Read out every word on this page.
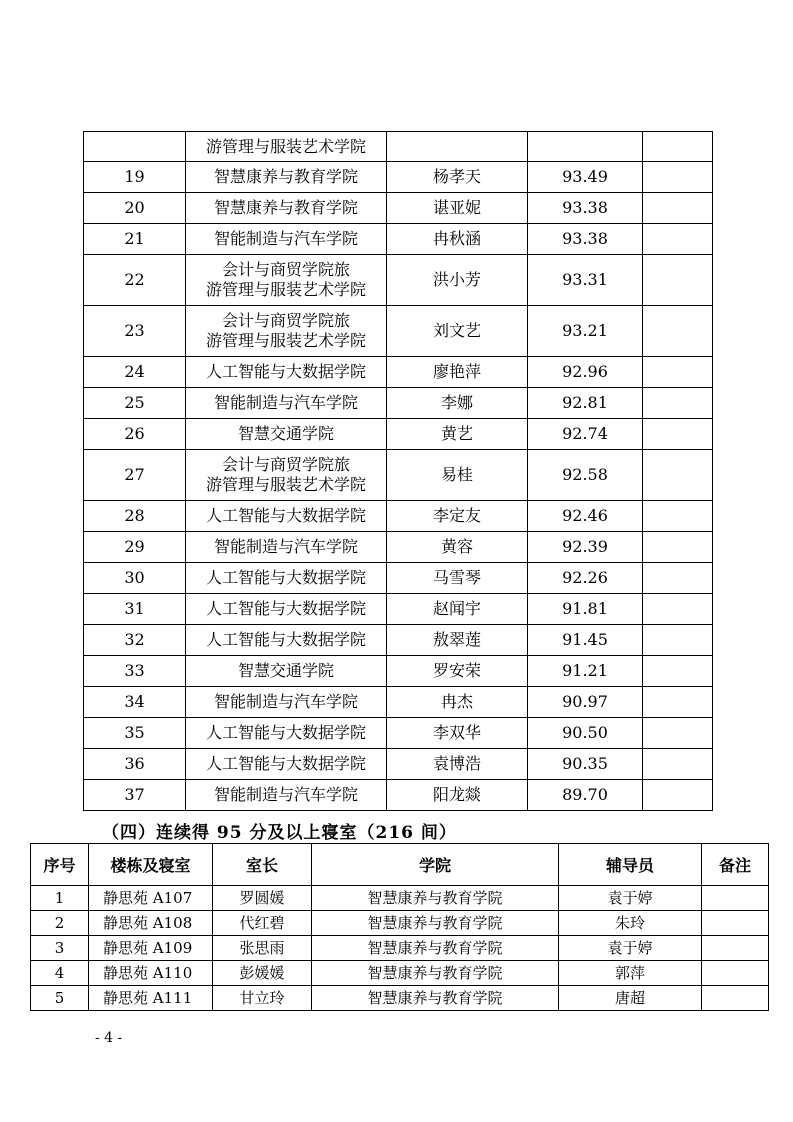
	游管理与服装艺术学院			
19	智慧康养与教育学院	杨孝天	93.49	
20	智慧康养与教育学院	谌亚妮	93.38	
21	智能制造与汽车学院	冉秋涵	93.38	
22	会计与商贸学院旅
游管理与服装艺术学院	洪小芳	93.31	
23	会计与商贸学院旅
游管理与服装艺术学院	刘文艺	93.21	
24	人工智能与大数据学院	廖艳萍	92.96	
25	智能制造与汽车学院	李娜	92.81	
26	智慧交通学院	黄艺	92.74	
27	会计与商贸学院旅
游管理与服装艺术学院	易桂	92.58	
28	人工智能与大数据学院	李定友	92.46	
29	智能制造与汽车学院	黄容	92.39	
30	人工智能与大数据学院	马雪琴	92.26	
31	人工智能与大数据学院	赵闻宇	91.81	
32	人工智能与大数据学院	敖翠莲	91.45	
33	智慧交通学院	罗安荣	91.21	
34	智能制造与汽车学院	冉杰	90.97	
35	人工智能与大数据学院	李双华	90.50	
36	人工智能与大数据学院	袁博浩	90.35	
37	智能制造与汽车学院	阳龙燚	89.70	
（四）连续得 95 分及以上寝室（216 间）
序号	楼栋及寝室	室长	学院	辅导员	备注
1	静思苑 A107	罗圆媛	智慧康养与教育学院	袁于婷	
2	静思苑 A108	代红碧	智慧康养与教育学院	朱玲	
3	静思苑 A109	张思雨	智慧康养与教育学院	袁于婷	
4	静思苑 A110	彭媛媛	智慧康养与教育学院	郭萍	
5	静思苑 A111	甘立玲	智慧康养与教育学院	唐超	
- 4 -
